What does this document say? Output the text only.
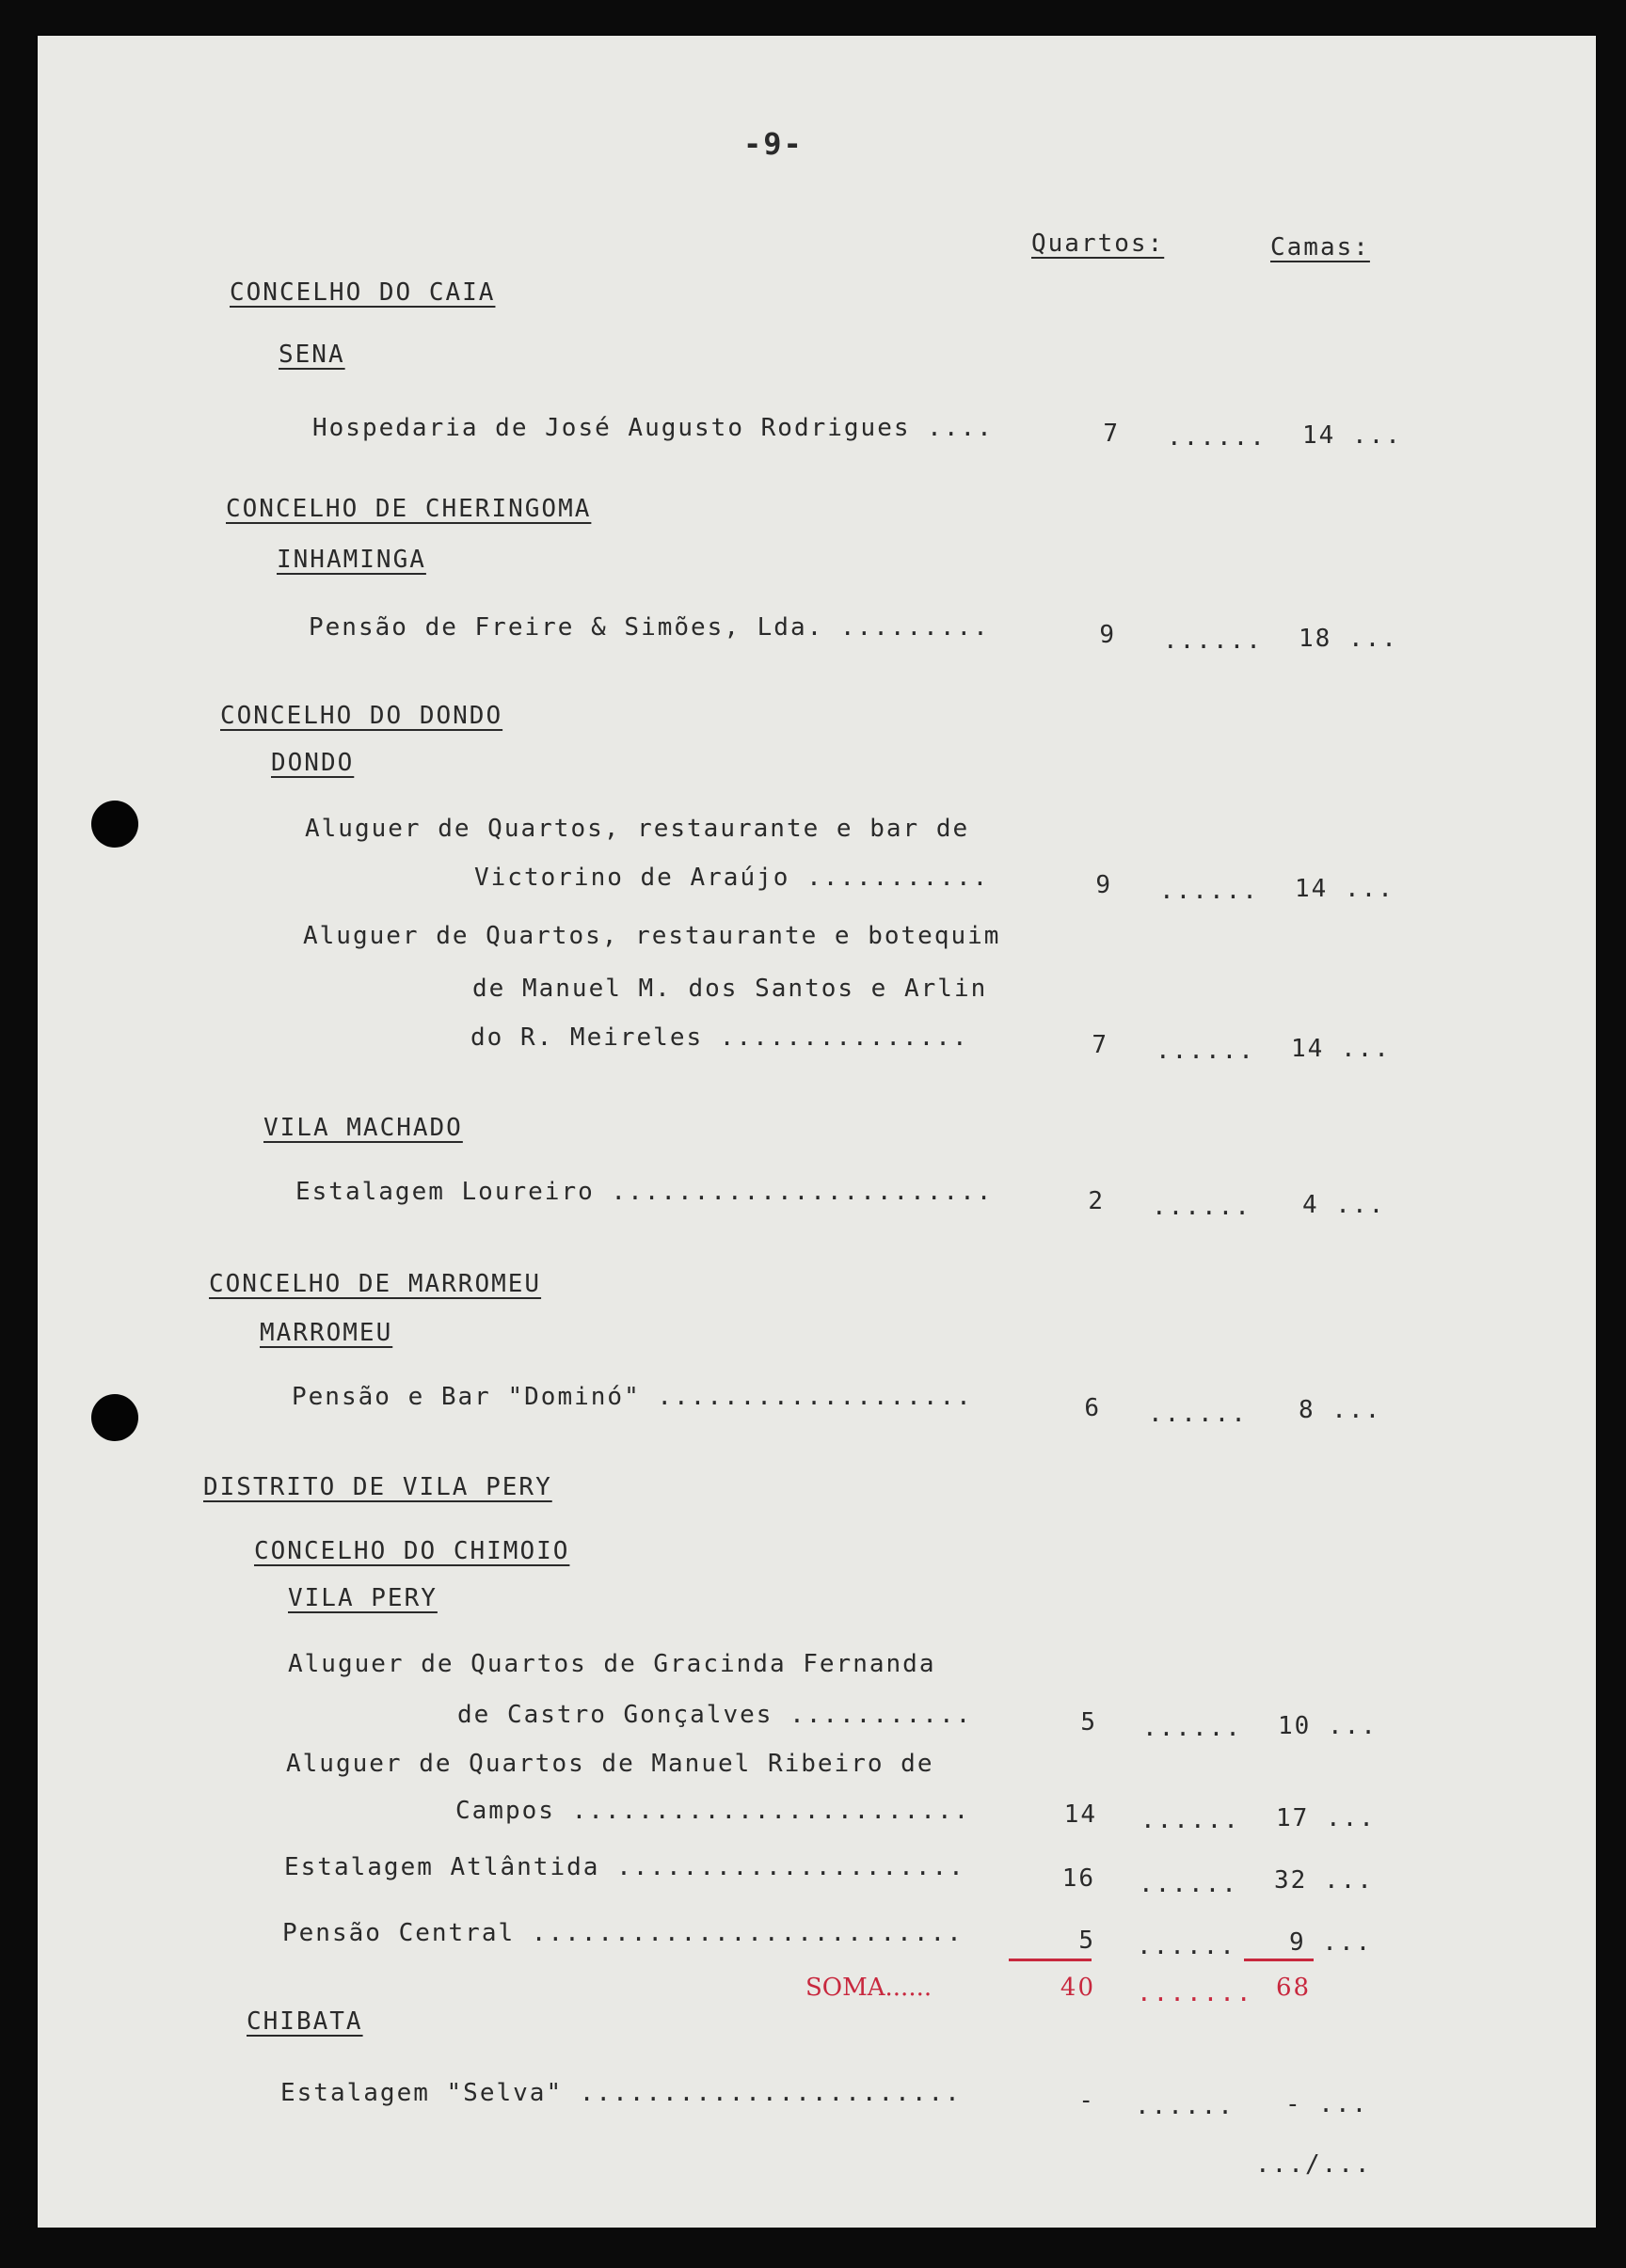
-9-
Quartos:	Camas:
CONCELHO DO CAIA
SENA
Hospedaria de José Augusto Rodrigues ....	7 ...... 14 ...
CONCELHO DE CHERINGOMA
INHAMINGA
Pensão de Freire & Simões, Lda. .........	9 ...... 18 ...
CONCELHO DO DONDO
DONDO
Aluguer de Quartos, restaurante e bar de
Victorino de Araújo ...........	9 ...... 14 ...
Aluguer de Quartos, restaurante e botequim
de Manuel M. dos Santos e Arlin
do R. Meireles ...............	7 ...... 14 ...
VILA MACHADO
Estalagem Loureiro .......................	2 ...... 4 ...
CONCELHO DE MARROMEU
MARROMEU
Pensão e Bar "Dominó" ...................	6 ...... 8 ...
DISTRITO DE VILA PERY
CONCELHO DO CHIMOIO
VILA PERY
Aluguer de Quartos de Gracinda Fernanda
de Castro Gonçalves ...........	5 ...... 10 ...
Aluguer de Quartos de Manuel Ribeiro de
Campos ........................	14 ...... 17 ...
Estalagem Atlântida .....................	16 ...... 32 ...
Pensão Central ..........................	5 ...... 9 ...
SOMA......	40 ....... 68
CHIBATA
Estalagem "Selva" .......................	- ...... - ...
.../...
